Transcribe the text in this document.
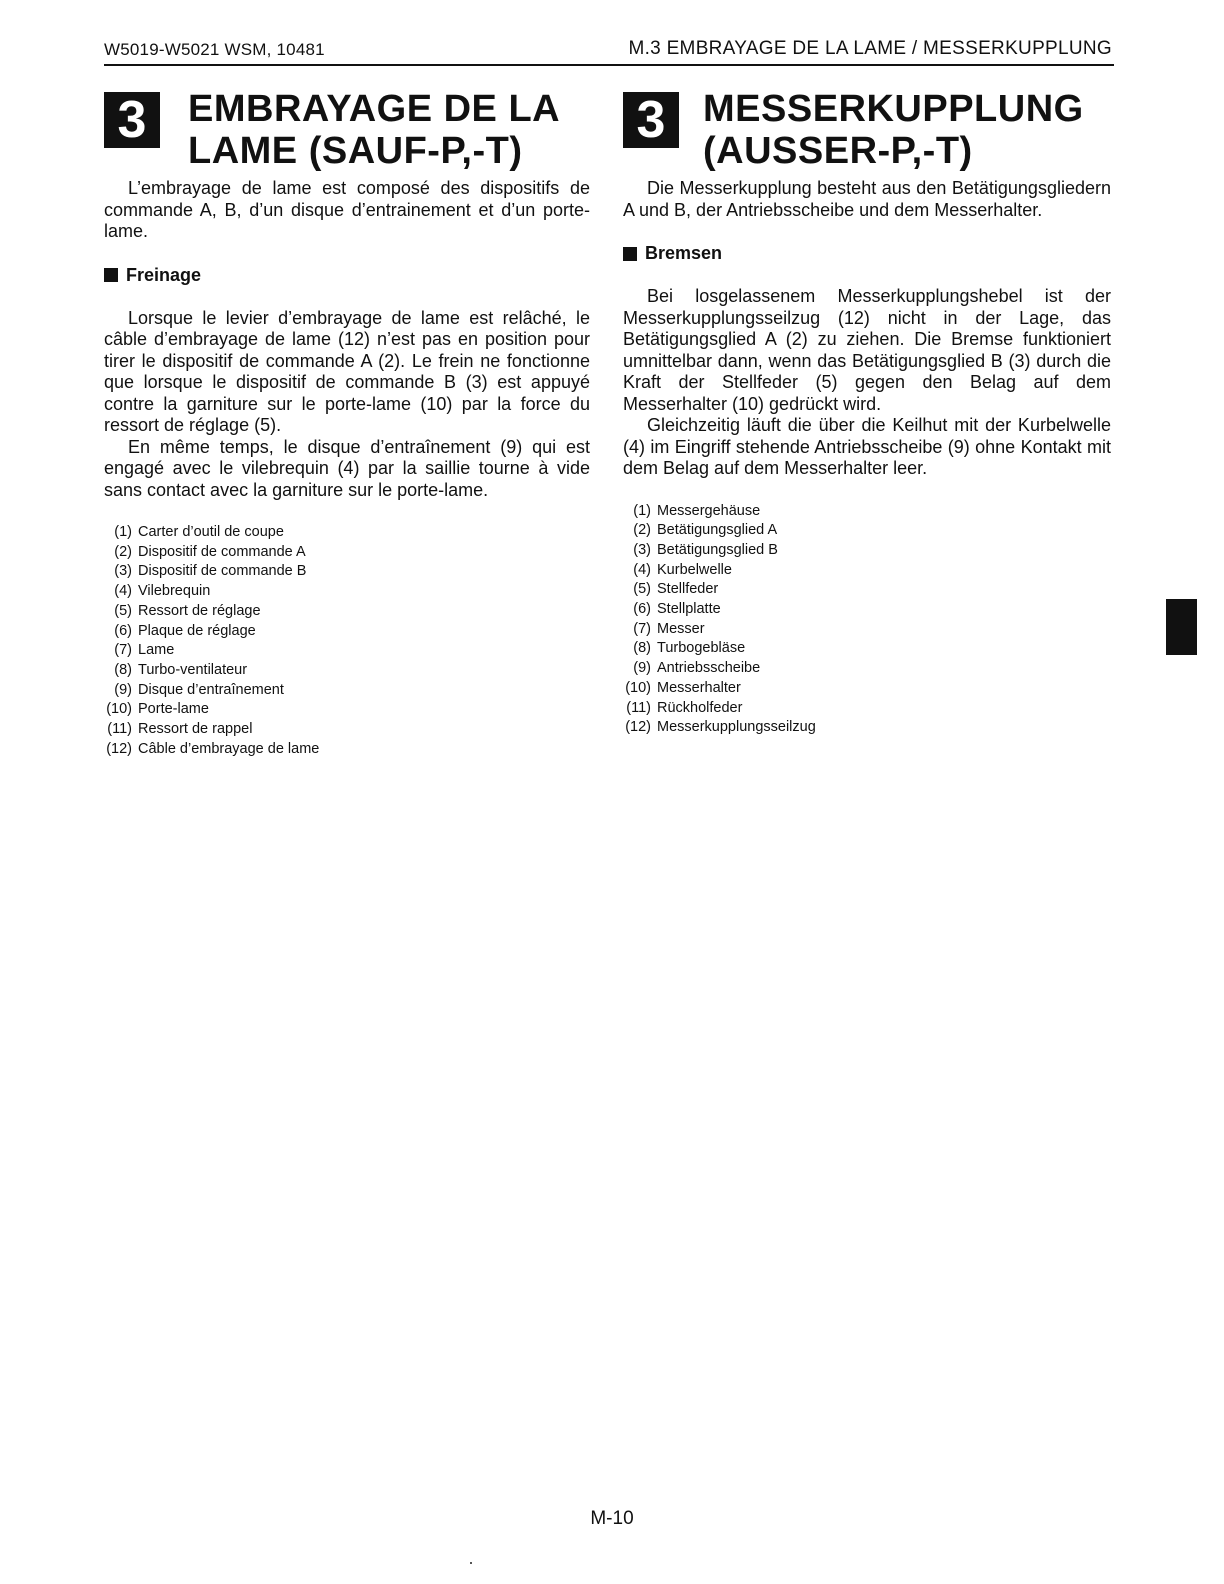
W5019-W5021 WSM, 10481	M.3 EMBRAYAGE DE LA LAME / MESSERKUPPLUNG
3	EMBRAYAGE DE LA
LAME (SAUF-P,-T)

L’embrayage de lame est composé des dispositifs de commande A, B, d’un disque d’entrainement et d’un porte-lame.

Freinage

Lorsque le levier d’embrayage de lame est relâché, le câble d’embrayage de lame (12) n’est pas en position pour tirer le dispositif de commande A (2). Le frein ne fonctionne que lorsque le dispositif de commande B (3) est appuyé contre la garniture sur le porte-lame (10) par la force du ressort de réglage (5).

En même temps, le disque d’entraînement (9) qui est engagé avec le vilebrequin (4) par la saillie tourne à vide sans contact avec la garniture sur le porte-lame.

(1) Carter d’outil de coupe
(2) Dispositif de commande A
(3) Dispositif de commande B
(4) Vilebrequin
(5) Ressort de réglage
(6) Plaque de réglage
(7) Lame
(8) Turbo-ventilateur
(9) Disque d’entraînement
(10) Porte-lame
(11) Ressort de rappel
(12) Câble d’embrayage de lame
3 MESSERKUPPLUNG
(AUSSER-P,-T)

Die Messerkupplung besteht aus den Betätigungsgliedern A und B, der Antriebsscheibe und dem Messerhalter.

Bremsen

Bei losgelassenem Messerkupplungshebel ist der Messerkupplungsseilzug (12) nicht in der Lage, das Betätigungsglied A (2) zu ziehen. Die Bremse funktioniert umnittelbar dann, wenn das Betätigungsglied B (3) durch die Kraft der Stellfeder (5) gegen den Belag auf dem Messerhalter (10) gedrückt wird.

Gleichzeitig läuft die über die Keilhut mit der Kurbelwelle (4) im Eingriff stehende Antriebsscheibe (9) ohne Kontakt mit dem Belag auf dem Messerhalter leer.

(1) Messergehäuse
(2) Betätigungsglied A
(3) Betätigungsglied B
(4) Kurbelwelle
(5) Stellfeder
(6) Stellplatte
(7) Messer
(8) Turbogebläse
(9) Antriebsscheibe
(10) Messerhalter
(11) Rückholfeder
(12) Messerkupplungsseilzug
M-10
